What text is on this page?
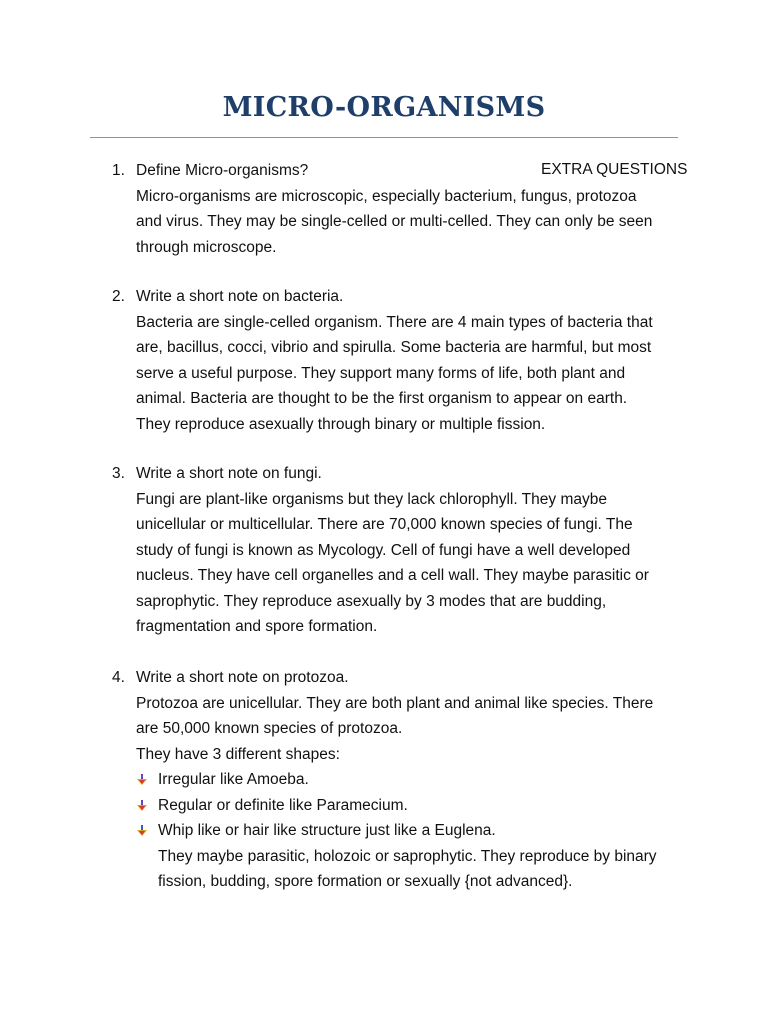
MICRO-ORGANISMS
EXTRA QUESTIONS
1. Define Micro-organisms?
Micro-organisms are microscopic, especially bacterium, fungus, protozoa
and virus. They may be single-celled or multi-celled. They can only be seen
through microscope.
2. Write a short note on bacteria.
Bacteria are single-celled organism. There are 4 main types of bacteria that
are, bacillus, cocci, vibrio and spirulla. Some bacteria are harmful, but most
serve a useful purpose. They support many forms of life, both plant and
animal. Bacteria are thought to be the first organism to appear on earth.
They reproduce asexually through binary or multiple fission.
3. Write a short note on fungi.
Fungi are plant-like organisms but they lack chlorophyll. They maybe
unicellular or multicellular. There are 70,000 known species of fungi. The
study of fungi is known as Mycology. Cell of fungi have a well developed
nucleus. They have cell organelles and a cell wall. They maybe parasitic or
saprophytic. They reproduce asexually by 3 modes that are budding,
fragmentation and spore formation.
4. Write a short note on protozoa.
Protozoa are unicellular. They are both plant and animal like species. There
are 50,000 known species of protozoa.
They have 3 different shapes:
Irregular like Amoeba.
Regular or definite like Paramecium.
Whip like or hair like structure just like a Euglena.
They maybe parasitic, holozoic or saprophytic. They reproduce by binary
fission, budding, spore formation or sexually {not advanced}.
